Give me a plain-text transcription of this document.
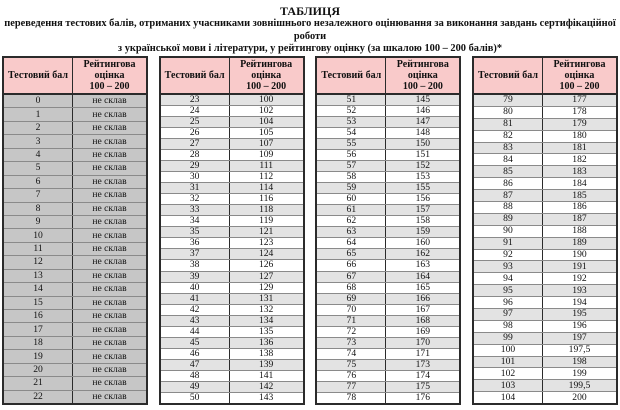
ТАБЛИЦЯ
переведення тестових балів, отриманих учасниками зовнішнього незалежного оцінювання за виконання завдань сертифікаційної роботи
з української мови і літератури, у рейтингову оцінку (за шкалою 100 – 200 балів)*
Тестовий бал
Рейтингова
оцінка
100 – 200
0	не склав
1	не склав
2	не склав
3	не склав
4	не склав
5	не склав
6	не склав
7	не склав
8	не склав
9	не склав
10	не склав
11	не склав
12	не склав
13	не склав
14	не склав
15	не склав
16	не склав
17	не склав
18	не склав
19	не склав
20	не склав
21	не склав
22	не склав
Тестовий бал
Рейтингова
оцінка
100 – 200
23	100
24	102
25	104
26	105
27	107
28	109
29	111
30	112
31	114
32	116
33	118
34	119
35	121
36	123
37	124
38	126
39	127
40	129
41	131
42	132
43	134
44	135
45	136
46	138
47	139
48	141
49	142
50	143
Тестовий бал
Рейтингова
оцінка
100 – 200
51	145
52	146
53	147
54	148
55	150
56	151
57	152
58	153
59	155
60	156
61	157
62	158
63	159
64	160
65	162
66	163
67	164
68	165
69	166
70	167
71	168
72	169
73	170
74	171
75	173
76	174
77	175
78	176
Тестовий бал
Рейтингова
оцінка
100 – 200
79	177
80	178
81	179
82	180
83	181
84	182
85	183
86	184
87	185
88	186
89	187
90	188
91	189
92	190
93	191
94	192
95	193
96	194
97	195
98	196
99	197
100	197,5
101	198
102	199
103	199,5
104	200
